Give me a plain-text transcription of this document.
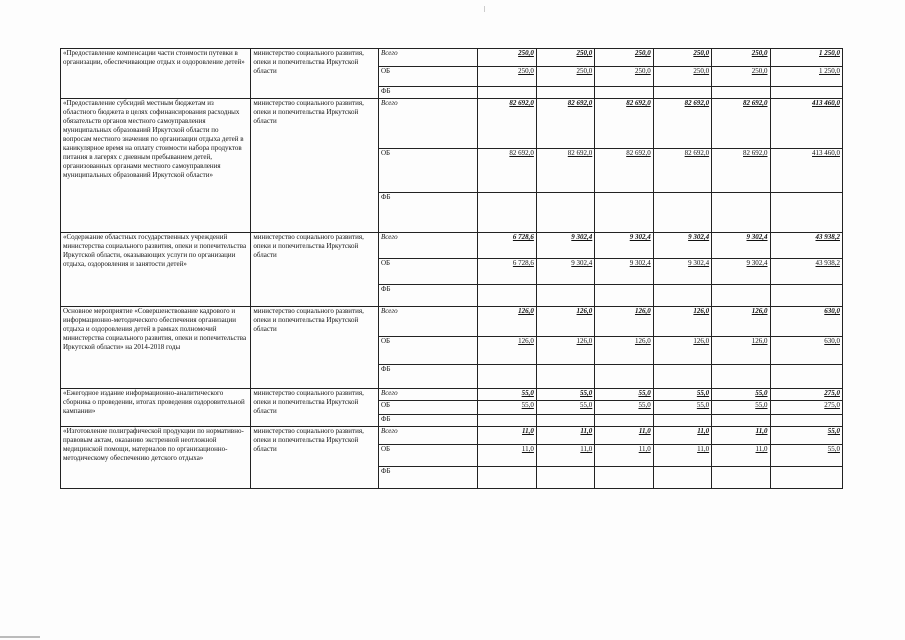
«Предоставление компенсации части стоимости путевки в организации, обеспечивающие отдых и оздоровление детей»	министерство социального развития, опеки и попечительства Иркутской области	Всего	250,0	250,0	250,0	250,0	250,0	1 250,0
		ОБ	250,0	250,0	250,0	250,0	250,0	1 250,0
		ФБ						
«Предоставление субсидий местным бюджетам из областного бюджета в целях софинансирования расходных обязательств органов местного самоуправления муниципальных образований Иркутской области по вопросам местного значения по организации отдыха детей в каникулярное время на оплату стоимости набора продуктов питания в лагерях с дневным пребыванием детей, организованных органами местного самоуправления муниципальных образований Иркутской области»	министерство социального развития, опеки и попечительства Иркутской области	Всего	82 692,0	82 692,0	82 692,0	82 692,0	82 692,0	413 460,0
		ОБ	82 692,0	82 692,0	82 692,0	82 692,0	82 692,0	413 460,0
		ФБ						
«Содержание областных государственных учреждений министерства социального развития, опеки и попечительства Иркутской области, оказывающих услуги по организации отдыха, оздоровления и занятости детей»	министерство социального развития, опеки и попечительства Иркутской области	Всего	6 728,6	9 302,4	9 302,4	9 302,4	9 302,4	43 938,2
		ОБ	6 728,6	9 302,4	9 302,4	9 302,4	9 302,4	43 938,2
		ФБ						
Основное мероприятие «Совершенствование кадрового и информационно-методического обеспечения организации отдыха и оздоровления детей в рамках полномочий министерства социального развития, опеки и попечительства Иркутской области» на 2014-2018 годы	министерство социального развития, опеки и попечительства Иркутской области	Всего	126,0	126,0	126,0	126,0	126,0	630,0
		ОБ	126,0	126,0	126,0	126,0	126,0	630,0
		ФБ						
«Ежегодное издание информационно-аналитического сборника о проведении, итогах проведения оздоровительной кампании»	министерство социального развития, опеки и попечительства Иркутской области	Всего	55,0	55,0	55,0	55,0	55,0	275,0
		ОБ	55,0	55,0	55,0	55,0	55,0	275,0
		ФБ						
«Изготовление полиграфической продукции по нормативно-правовым актам, оказанию экстренной неотложной медицинской помощи, материалов по организационно-методическому обеспечению детского отдыха»	министерство социального развития, опеки и попечительства Иркутской области	Всего	11,0	11,0	11,0	11,0	11,0	55,0
		ОБ	11,0	11,0	11,0	11,0	11,0	55,0
		ФБ						
